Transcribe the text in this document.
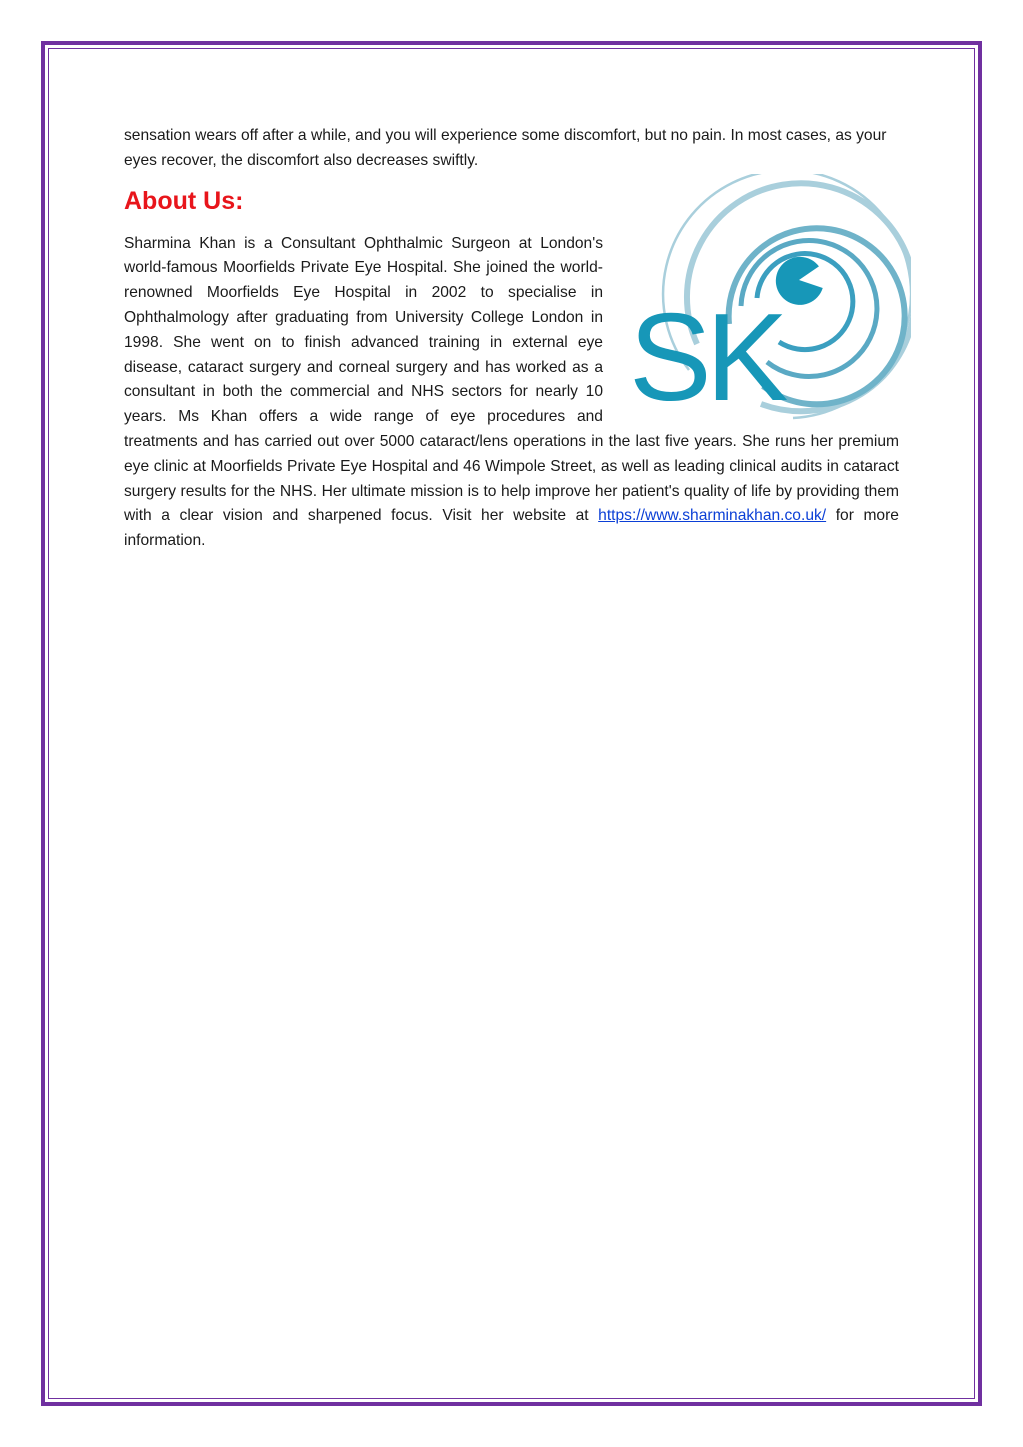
sensation wears off after a while, and you will experience some discomfort, but no pain. In most cases, as your eyes recover, the discomfort also decreases swiftly.

About Us:
SK

Sharmina Khan is a Consultant Ophthalmic Surgeon at London's world-famous Moorfields Private Eye Hospital. She joined the world-renowned Moorfields Eye Hospital in 2002 to specialise in Ophthalmology after graduating from University College London in 1998. She went on to finish advanced training in external eye disease, cataract surgery and corneal surgery and has worked as a consultant in both the commercial and NHS sectors for nearly 10 years. Ms Khan offers a wide range of eye procedures and treatments and has carried out over 5000 cataract/lens operations in the last five years. She runs her premium eye clinic at Moorfields Private Eye Hospital and 46 Wimpole Street, as well as leading clinical audits in cataract surgery results for the NHS. Her ultimate mission is to help improve her patient's quality of life by providing them with a clear vision and sharpened focus. Visit her website at https://www.sharminakhan.co.uk/ for more information.
